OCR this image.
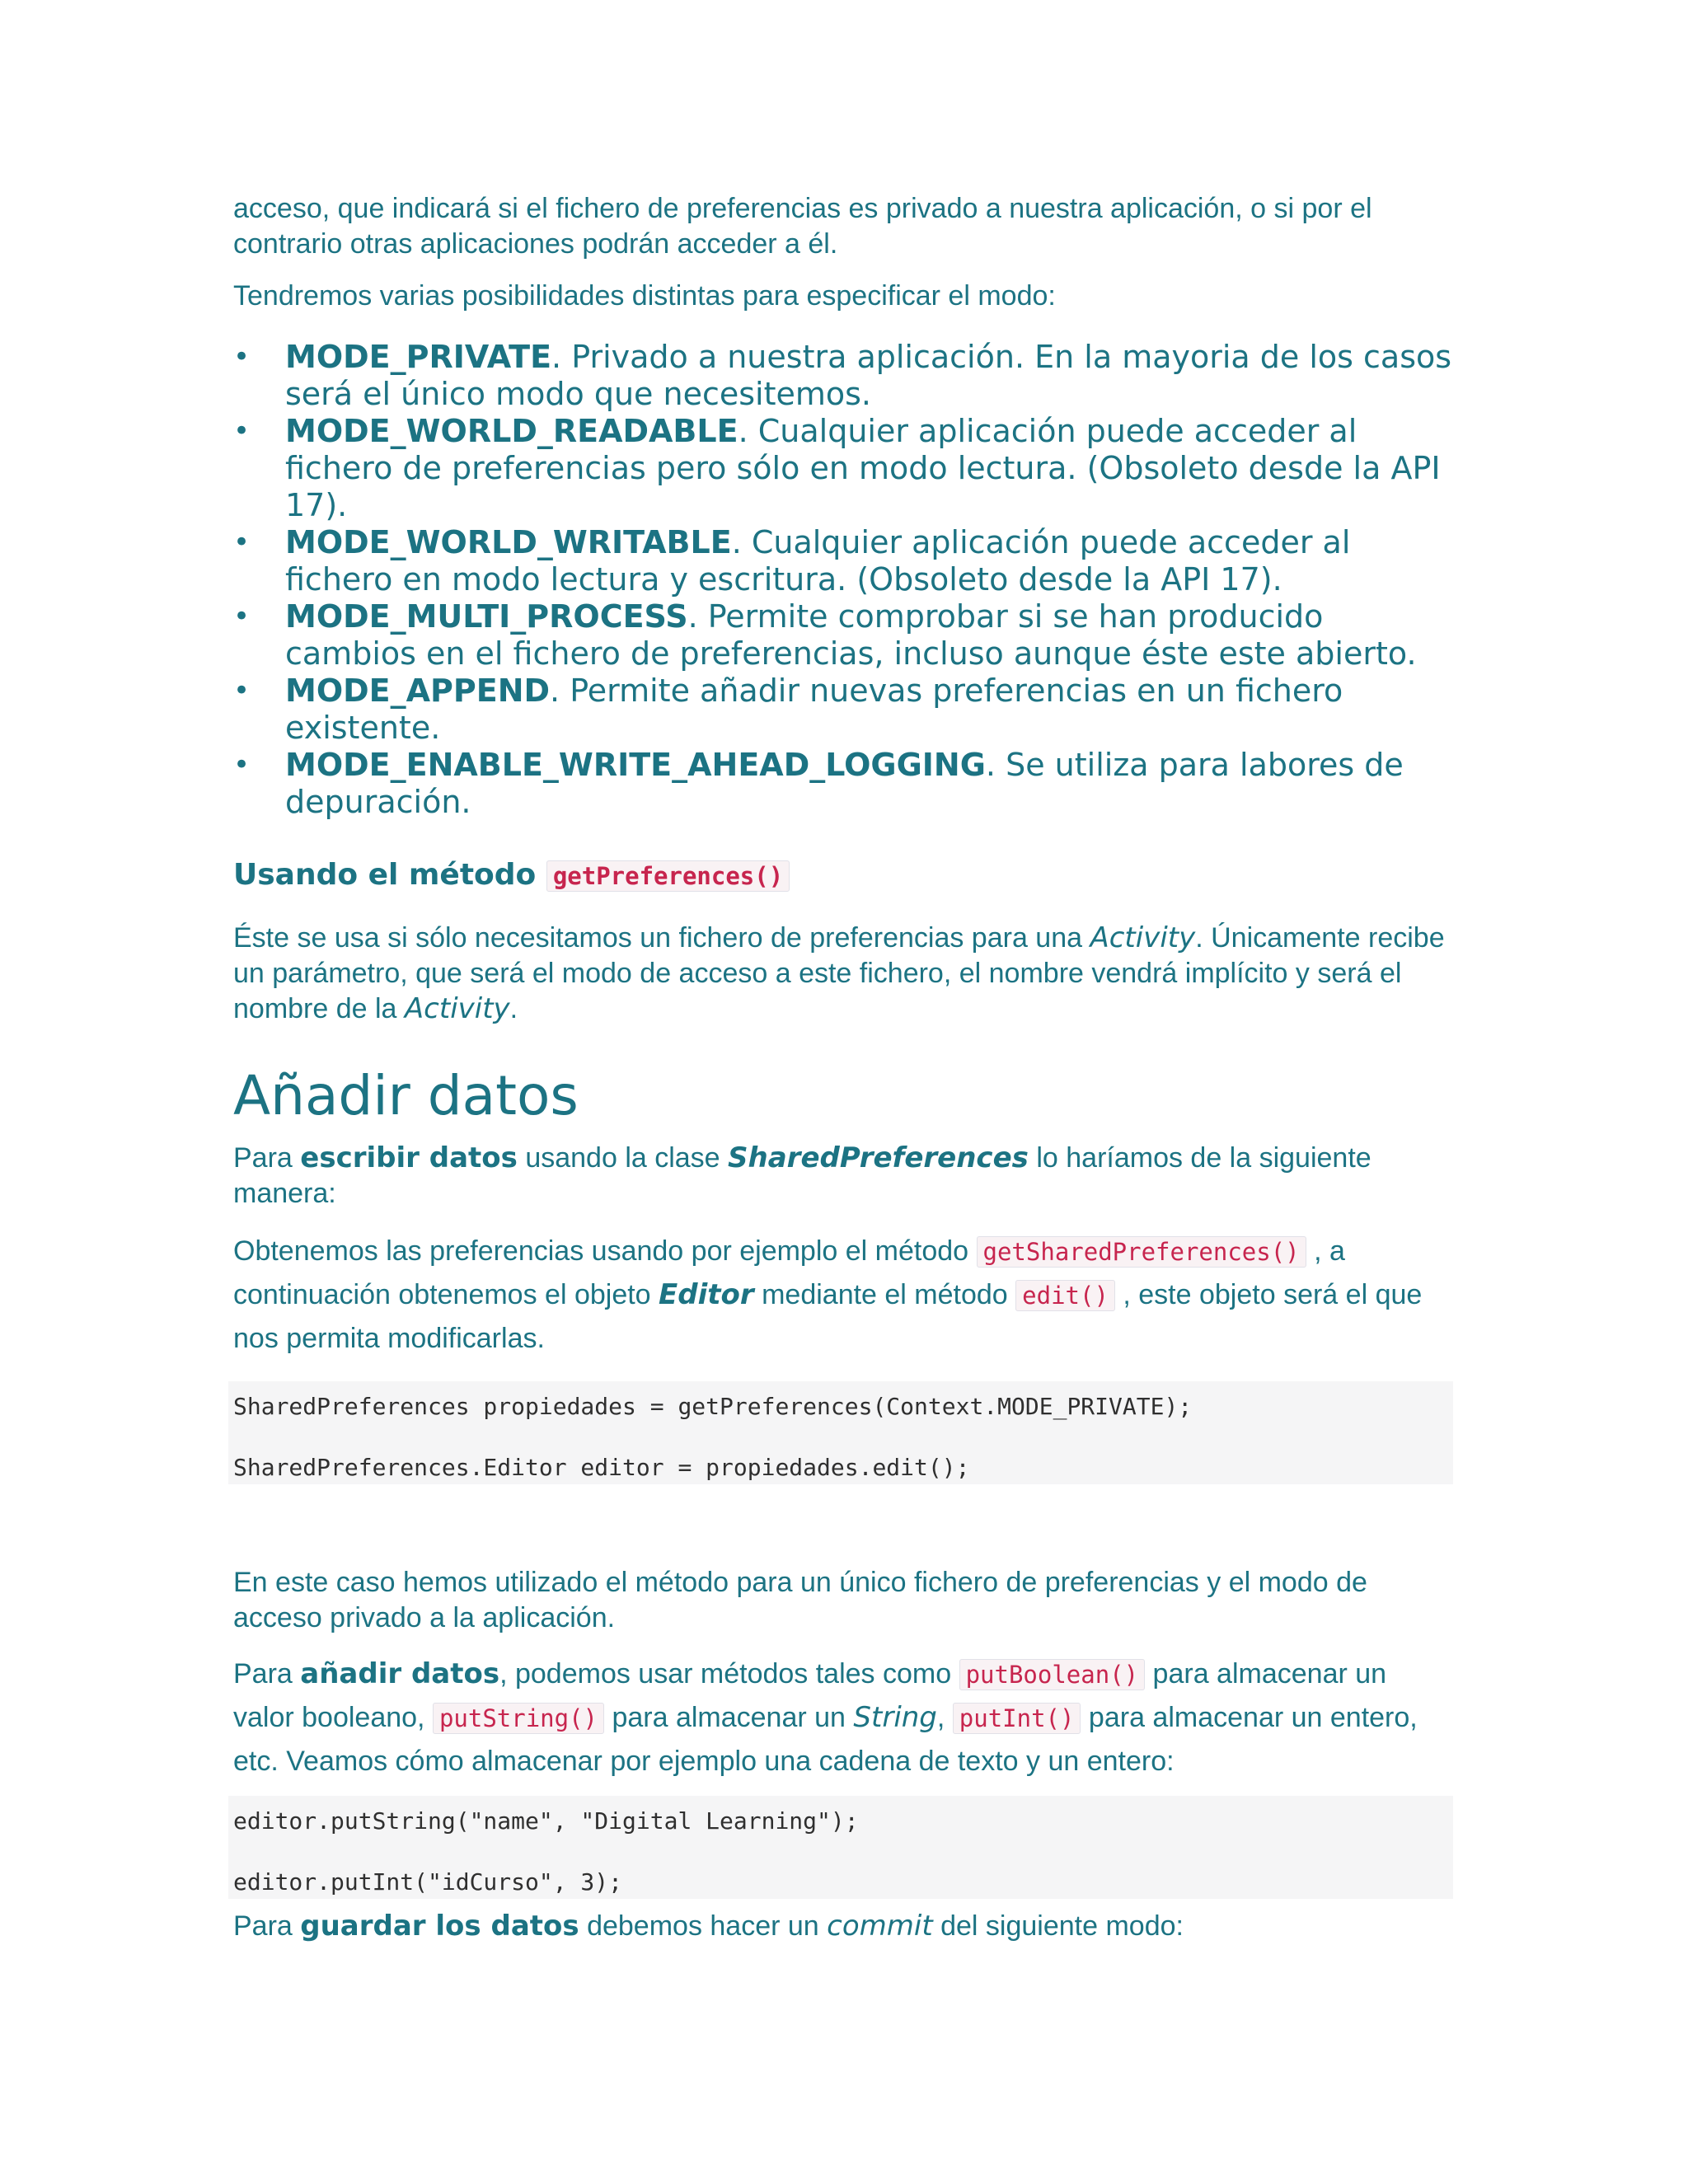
acceso, que indicará si el fichero de preferencias es privado a nuestra aplicación, o si por el contrario otras aplicaciones podrán acceder a él.

Tendremos varias posibilidades distintas para especificar el modo:

•	MODE_PRIVATE. Privado a nuestra aplicación. En la mayoria de los casos será el único modo que necesitemos.
•	MODE_WORLD_READABLE. Cualquier aplicación puede acceder al fichero de preferencias pero sólo en modo lectura. (Obsoleto desde la API 17).
•	MODE_WORLD_WRITABLE. Cualquier aplicación puede acceder al fichero en modo lectura y escritura. (Obsoleto desde la API 17).
•	MODE_MULTI_PROCESS. Permite comprobar si se han producido cambios en el fichero de preferencias, incluso aunque éste este abierto.
•	MODE_APPEND. Permite añadir nuevas preferencias en un fichero existente.
•	MODE_ENABLE_WRITE_AHEAD_LOGGING. Se utiliza para labores de depuración.
Usando el método getPreferences()

Éste se usa si sólo necesitamos un fichero de preferencias para una Activity. Únicamente recibe un parámetro, que será el modo de acceso a este fichero, el nombre vendrá implícito y será el nombre de la Activity.

Añadir datos

Para escribir datos usando la clase SharedPreferences lo haríamos de la siguiente manera:

Obtenemos las preferencias usando por ejemplo el método getSharedPreferences() , a continuación obtenemos el objeto Editor mediante el método edit() , este objeto será el que nos permita modificarlas.

SharedPreferences propiedades = getPreferences(Context.MODE_PRIVATE);
SharedPreferences.Editor editor = propiedades.edit();

En este caso hemos utilizado el método para un único fichero de preferencias y el modo de acceso privado a la aplicación.

Para añadir datos, podemos usar métodos tales como putBoolean() para almacenar un valor booleano, putString() para almacenar un String, putInt() para almacenar un entero, etc. Veamos cómo almacenar por ejemplo una cadena de texto y un entero:

editor.putString("name", "Digital Learning");
editor.putInt("idCurso", 3);

Para guardar los datos debemos hacer un commit del siguiente modo:
